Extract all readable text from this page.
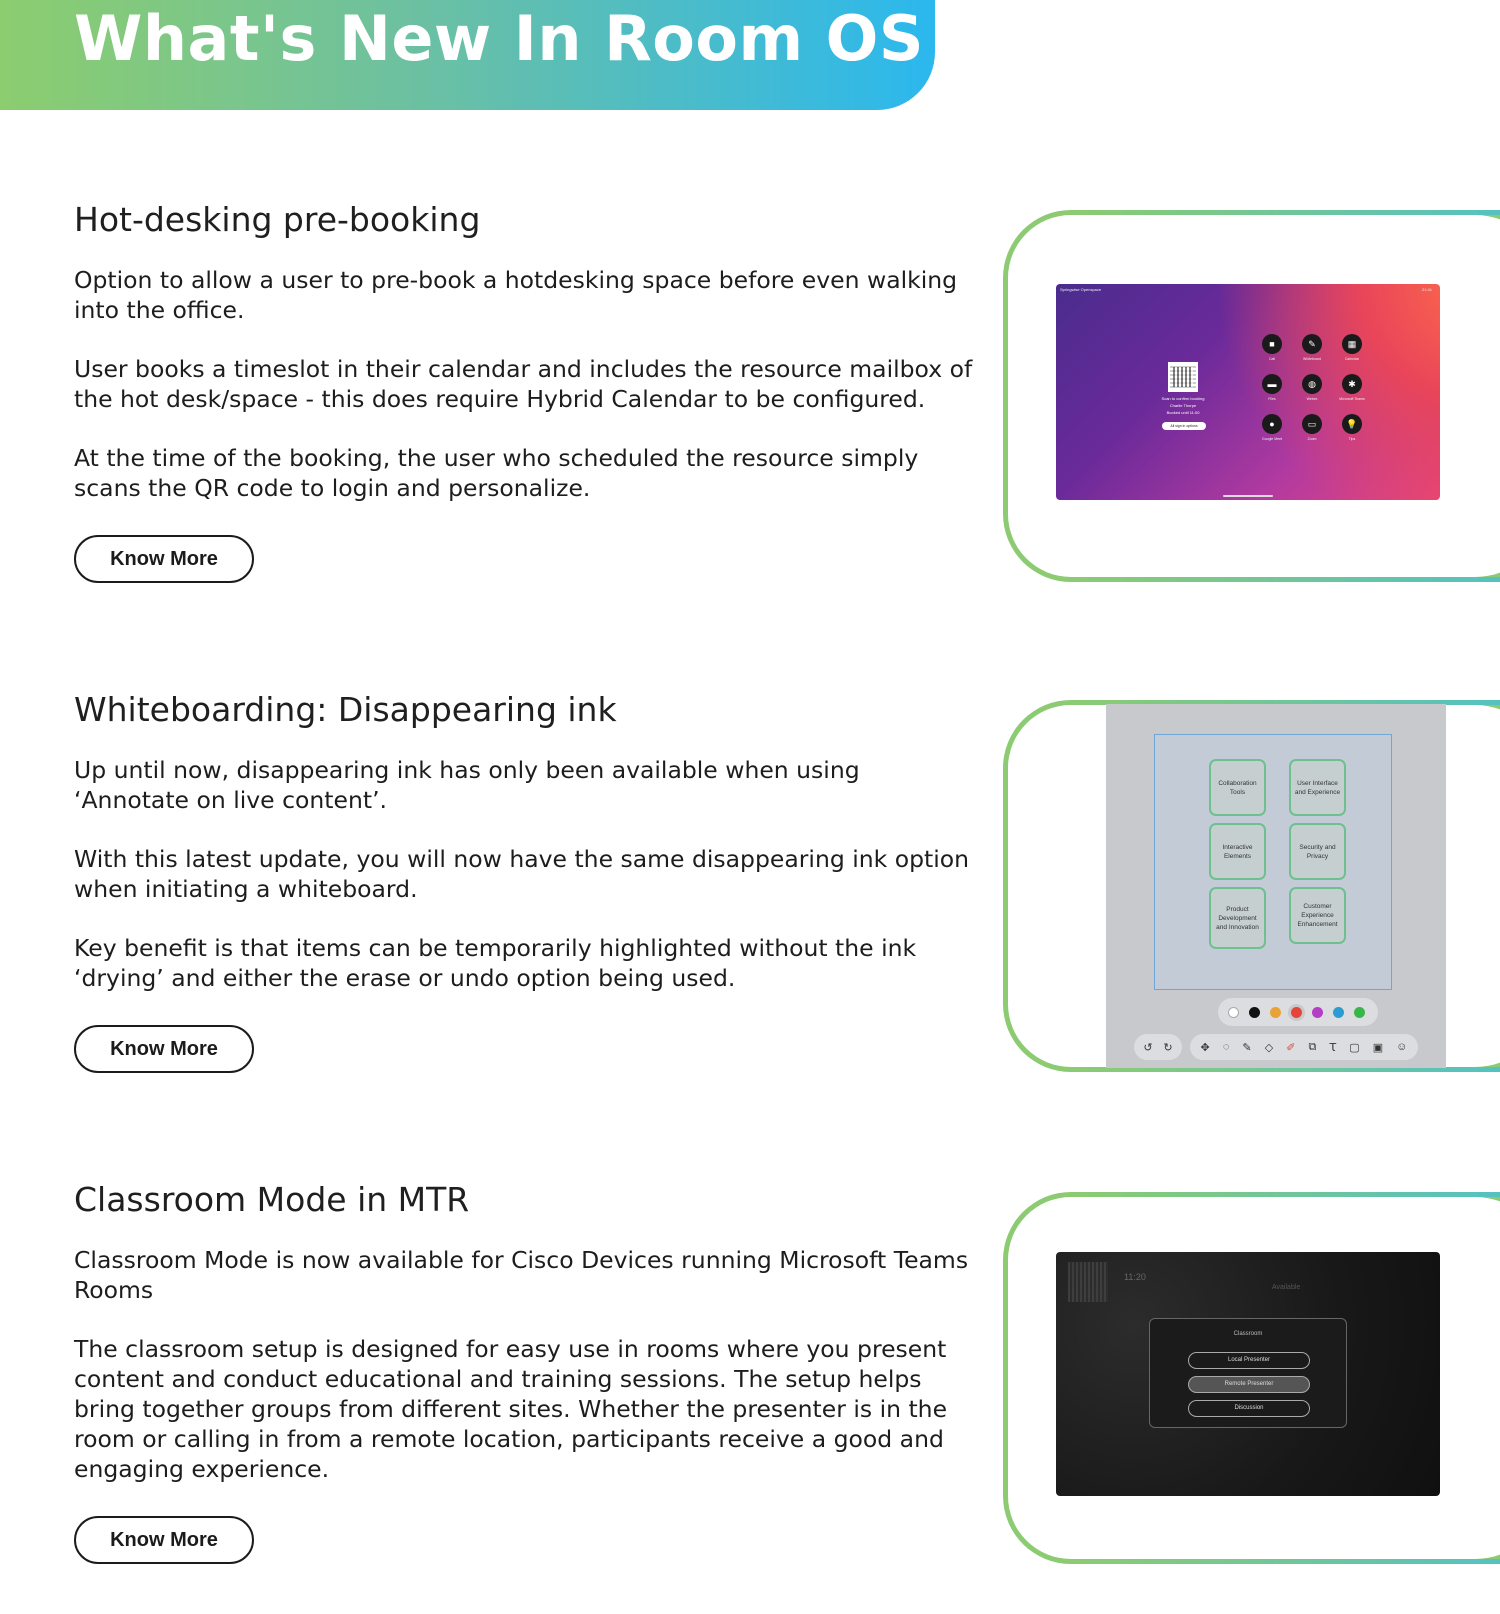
What's New In Room OS
Hot-desking pre-booking

Option to allow a user to pre-book a hotdesking space before even walking into the office.

User books a timeslot in their calendar and includes the resource mailbox of the hot desk/space - this does require Hybrid Calendar to be configured.

At the time of the booking, the user who scheduled the resource simply scans the QR code to login and personalize.

Know More
Whiteboarding: Disappearing ink

Up until now, disappearing ink has only been available when using ‘Annotate on live content’.

With this latest update, you will now have the same disappearing ink option when initiating a whiteboard.

Key benefit is that items can be temporarily highlighted without the ink ‘drying’ and either the erase or undo option being used.

Know More
Classroom Mode in MTR

Classroom Mode is now available for Cisco Devices running Microsoft Teams Rooms

The classroom setup is designed for easy use in rooms where you present content and conduct educational and training sessions. The setup helps bring together groups from different sites. Whether the presenter is in the room or calling in from a remote location, participants receive a good and engaging experience.

Know More
Springwise Openspace	21:41
Scan to confirm booking
Charlie Thorpe
Booked until 11:00
All sign in options
■
Call
✎
Whiteboard
▦
Calendar
▬
Files
◍
Webex
✱
Microsoft Teams
●
Google Meet
▭
Zoom
💡
Tips
Collaboration Tools
User Interface and Experience
Interactive Elements
Security and Privacy
Product Development and Innovation
Customer Experience Enhancement
↺ ↻	✥ ◌ ✎ ◇ ✐ ⧉ Ꚍ ▢ ▣ ☺
11:20
Available
Classroom
Local Presenter
Remote Presenter
Discussion
